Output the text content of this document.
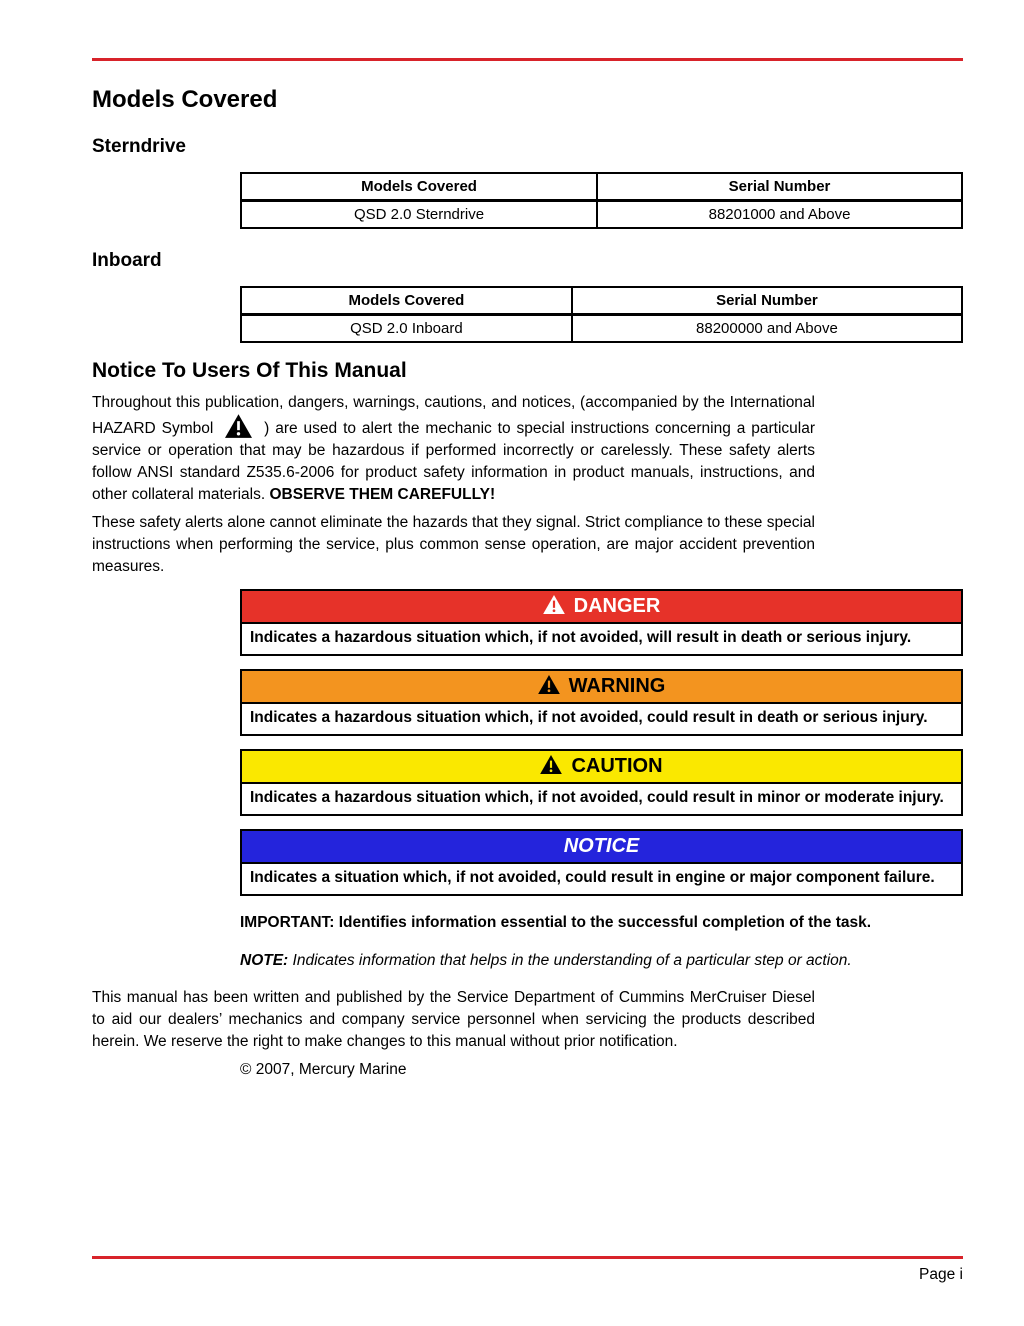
Models Covered
Sterndrive
Models Covered	Serial Number
QSD 2.0 Sterndrive	88201000 and Above
Inboard
Models Covered	Serial Number
QSD 2.0 Inboard	88200000 and Above
Notice To Users Of This Manual

Throughout this publication, dangers, warnings, cautions, and notices, (accompanied by the International HAZARD Symbol	) are used to alert the mechanic to special instructions concerning a particular service or operation that may be hazardous if performed incorrectly or carelessly. These safety alerts follow ANSI standard Z535.6-2006 for product safety information in product manuals, instructions, and other collateral materials. OBSERVE THEM CAREFULLY!

These safety alerts alone cannot eliminate the hazards that they signal. Strict compliance to these special instructions when performing the service, plus common sense operation, are major accident prevention measures.

DANGER
Indicates a hazardous situation which, if not avoided, will result in death or serious injury.
WARNING
Indicates a hazardous situation which, if not avoided, could result in death or serious injury.
CAUTION
Indicates a hazardous situation which, if not avoided, could result in minor or moderate injury.
NOTICE
Indicates a situation which, if not avoided, could result in engine or major component failure.

IMPORTANT: Identifies information essential to the successful completion of the task.

NOTE: Indicates information that helps in the understanding of a particular step or action.

This manual has been written and published by the Service Department of Cummins MerCruiser Diesel to aid our dealers’ mechanics and company service personnel when servicing the products described herein. We reserve the right to make changes to this manual without prior notification.

© 2007, Mercury Marine

Page i
